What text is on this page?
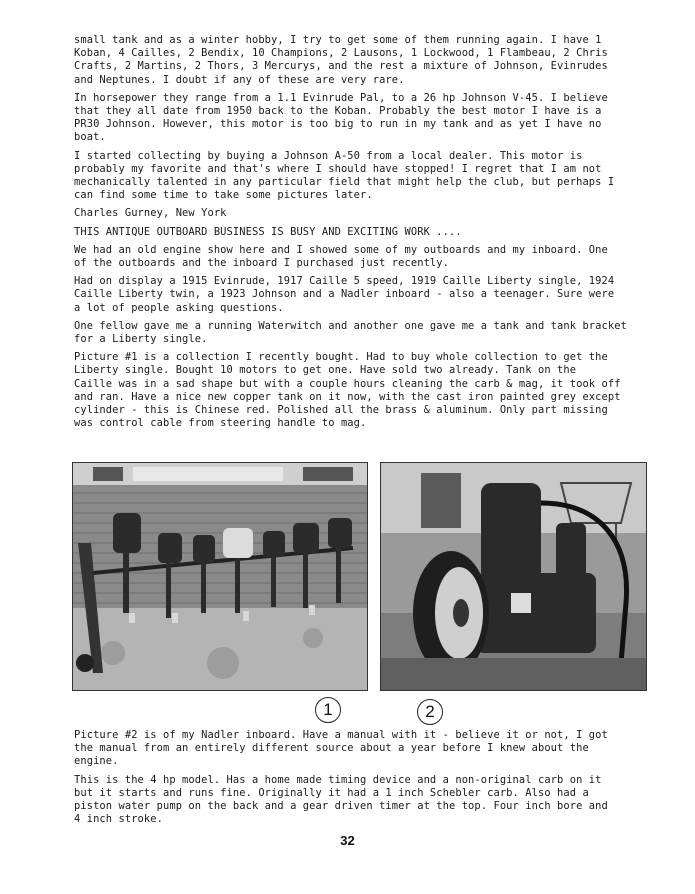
small tank and as a winter hobby, I try to get some of them running again. I have 1
Koban, 4 Cailles, 2 Bendix, 10 Champions, 2 Lausons, 1 Lockwood, 1 Flambeau, 2 Chris
Crafts, 2 Martins, 2 Thors, 3 Mercurys, and the rest a mixture of Johnson, Evinrudes
and Neptunes. I doubt if any of these are very rare.

In horsepower they range from a 1.1 Evinrude Pal, to a 26 hp Johnson V-45. I believe
that they all date from 1950 back to the Koban. Probably the best motor I have is a
PR30 Johnson. However, this motor is too big to run in my tank and as yet I have no
boat.

I started collecting by buying a Johnson A-50 from a local dealer. This motor is
probably my favorite and that's where I should have stopped! I regret that I am not
mechanically talented in any particular field that might help the club, but perhaps I
can find some time to take some pictures later.

Charles Gurney, New York

THIS ANTIQUE OUTBOARD BUSINESS IS BUSY AND EXCITING WORK ....

We had an old engine show here and I showed some of my outboards and my inboard. One
of the outboards and the inboard I purchased just recently.

Had on display a 1915 Evinrude, 1917 Caille 5 speed, 1919 Caille Liberty single, 1924
Caille Liberty twin, a 1923 Johnson and a Nadler inboard - also a teenager. Sure were
a lot of people asking questions.

One fellow gave me a running Waterwitch and another one gave me a tank and tank bracket
for a Liberty single.

Picture #1 is a collection I recently bought. Had to buy whole collection to get the
Liberty single. Bought 10 motors to get one. Have sold two already. Tank on the
Caille was in a sad shape but with a couple hours cleaning the carb & mag, it took off
and ran. Have a nice new copper tank on it now, with the cast iron painted grey except
cylinder - this is Chinese red. Polished all the brass & aluminum. Only part missing
was control cable from steering handle to mag.

1	2

Picture #2 is of my Nadler inboard. Have a manual with it - believe it or not, I got
the manual from an entirely different source about a year before I knew about the
engine.

This is the 4 hp model. Has a home made timing device and a non-original carb on it
but it starts and runs fine. Originally it had a 1 inch Schebler carb. Also had a
piston water pump on the back and a gear driven timer at the top. Four inch bore and
4 inch stroke.

32
